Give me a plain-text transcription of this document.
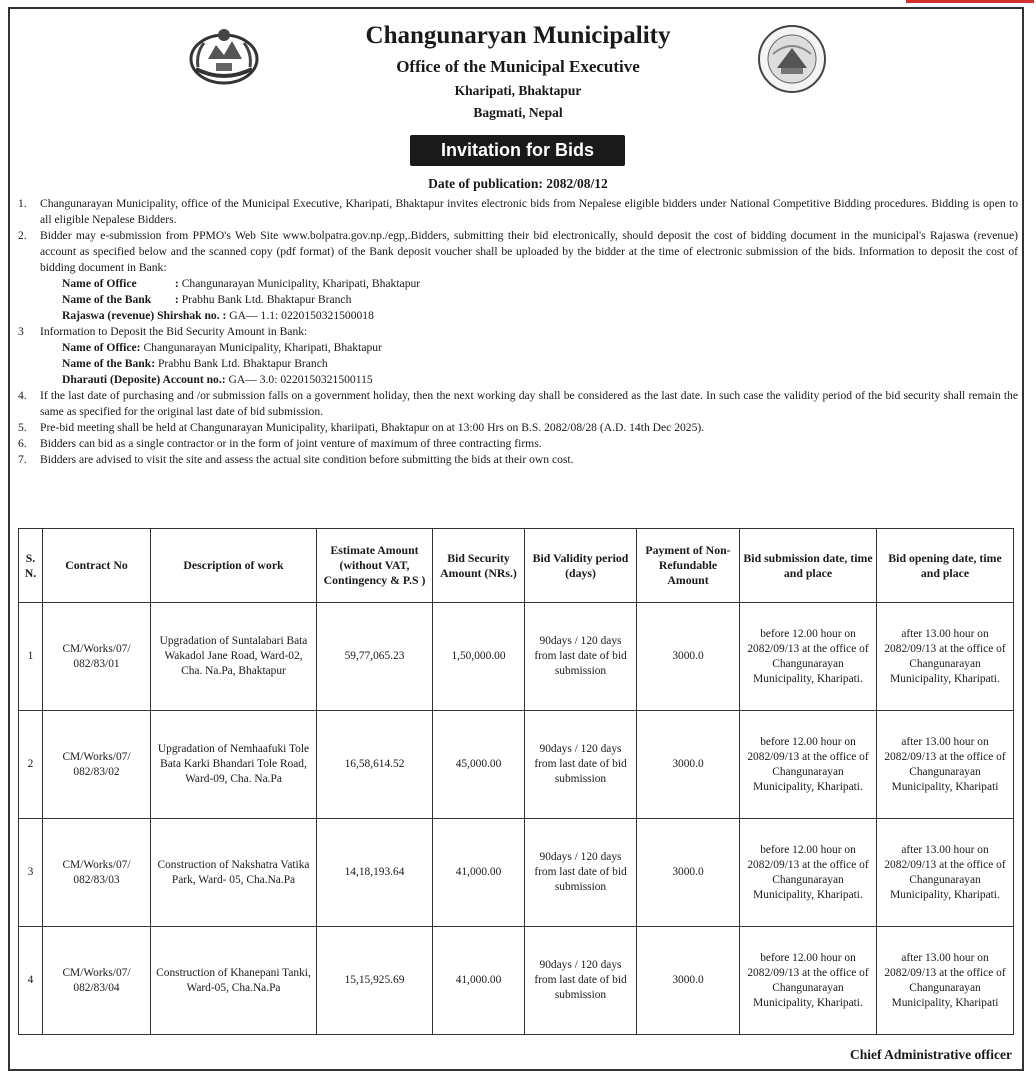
Changunaryan Municipality
Office of the Municipal Executive
Kharipati, Bhaktapur
Bagmati, Nepal
Invitation for Bids
Date of publication: 2082/08/12
1.	Changunarayan Municipality, office of the Municipal Executive, Kharipati, Bhaktapur invites electronic bids from Nepalese eligible bidders under National Competitive Bidding procedures. Bidding is open to all eligible Nepalese Bidders.
2.	Bidder may e-submission from PPMO's Web Site www.bolpatra.gov.np./egp,.Bidders, submitting their bid electronically, should deposit the cost of bidding document in the municipal's Rajaswa (revenue) account as specified below and the scanned copy (pdf format) of the Bank deposit voucher shall be uploaded by the bidder at the time of electronic submission of the bids. Information to deposit the cost of bidding document in Bank:
Name of Office	: Changunarayan Municipality, Kharipati, Bhaktapur
Name of the Bank : Prabhu Bank Ltd. Bhaktapur Branch
Rajaswa (revenue) Shirshak no. : GA— 1.1: 0220150321500018
3	Information to Deposit the Bid Security Amount in Bank:
Name of Office: Changunarayan Municipality, Kharipati, Bhaktapur
Name of the Bank: Prabhu Bank Ltd. Bhaktapur Branch
Dharauti (Deposite) Account no.: GA— 3.0: 0220150321500115
4.	If the last date of purchasing and /or submission falls on a government holiday, then the next working day shall be considered as the last date. In such case the validity period of the bid security shall remain the same as specified for the original last date of bid submission.
5.	Pre-bid meeting shall be held at Changunarayan Municipality, khariipati, Bhaktapur on at 13:00 Hrs on B.S. 2082/08/28 (A.D. 14th Dec 2025).
6.	Bidders can bid as a single contractor or in the form of joint venture of maximum of three contracting firms.
7.	Bidders are advised to visit the site and assess the actual site condition before submitting the bids at their own cost.
S. N.	Contract No	Description of work	Estimate Amount (without VAT, Contingency & P.S )	Bid Security Amount (NRs.)	Bid Validity period (days)	Payment of Non-Refundable Amount	Bid submission date, time and place	Bid opening date, time and place
1	CM/Works/07/ 082/83/01	Upgradation of Suntalabari Bata Wakadol Jane Road, Ward-02, Cha. Na.Pa, Bhaktapur	59,77,065.23	1,50,000.00	90days / 120 days from last date of bid submission	3000.0	before 12.00 hour on 2082/09/13 at the office of Changunarayan Municipality, Kharipati.	after 13.00 hour on 2082/09/13 at the office of Changunarayan Municipality, Kharipati.
2	CM/Works/07/ 082/83/02	Upgradation of Nemhaafuki Tole Bata Karki Bhandari Tole Road, Ward-09, Cha. Na.Pa	16,58,614.52	45,000.00	90days / 120 days from last date of bid submission	3000.0	before 12.00 hour on 2082/09/13 at the office of Changunarayan Municipality, Kharipati.	after 13.00 hour on 2082/09/13 at the office of Changunarayan Municipality, Kharipati
3	CM/Works/07/ 082/83/03	Construction of Nakshatra Vatika Park, Ward- 05, Cha.Na.Pa	14,18,193.64	41,000.00	90days / 120 days from last date of bid submission	3000.0	before 12.00 hour on 2082/09/13 at the office of Changunarayan Municipality, Kharipati.	after 13.00 hour on 2082/09/13 at the office of Changunarayan Municipality, Kharipati.
4	CM/Works/07/ 082/83/04	Construction of Khanepani Tanki, Ward-05, Cha.Na.Pa	15,15,925.69	41,000.00	90days / 120 days from last date of bid submission	3000.0	before 12.00 hour on 2082/09/13 at the office of Changunarayan Municipality, Kharipati.	after 13.00 hour on 2082/09/13 at the office of Changunarayan Municipality, Kharipati
Chief Administrative officer
